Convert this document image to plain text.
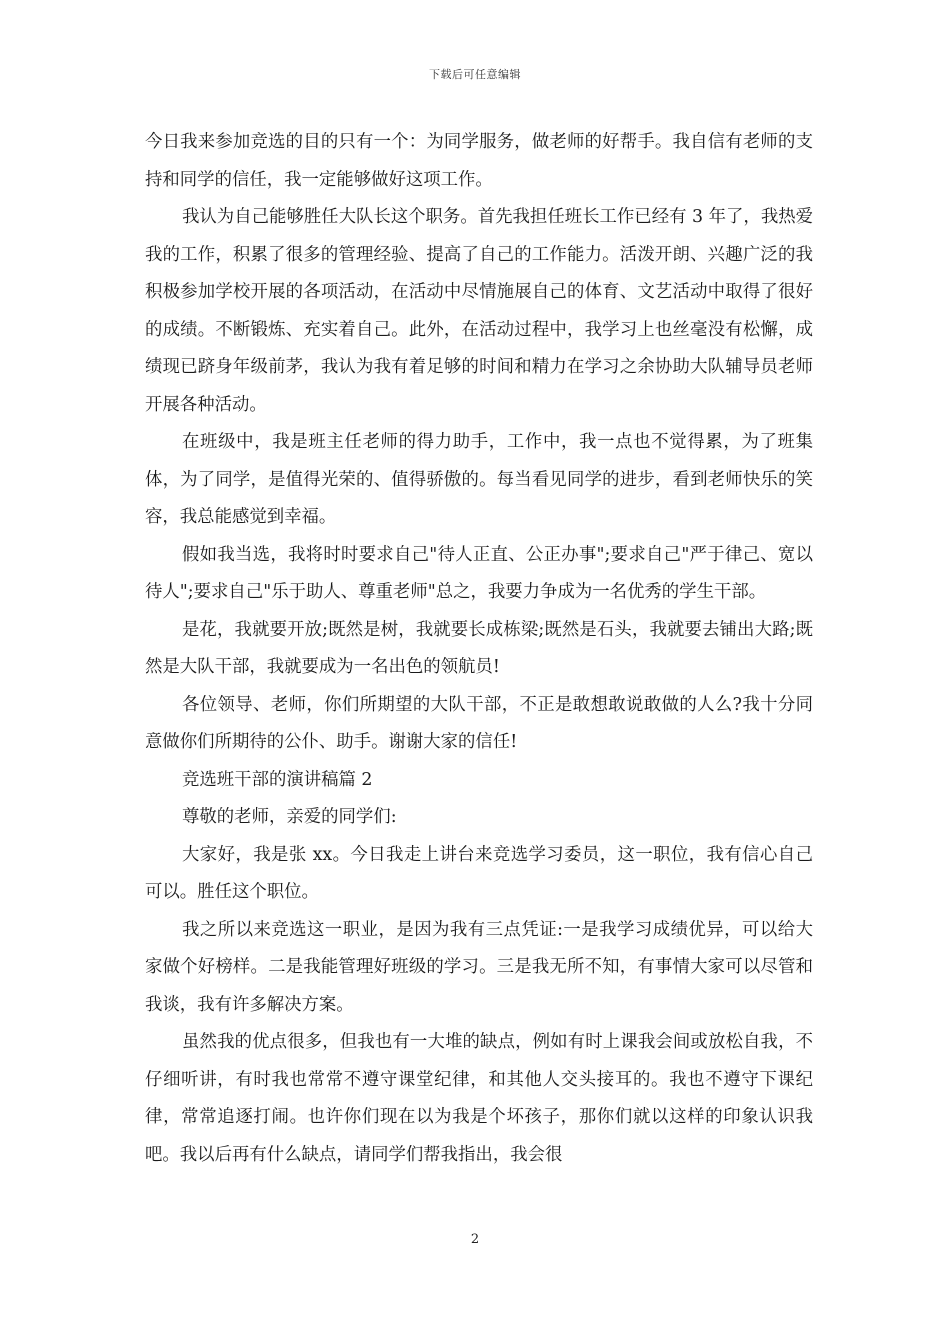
下载后可任意编辑

今日我来参加竞选的目的只有一个：为同学服务，做老师的好帮手。我自信有老师的支持和同学的信任，我一定能够做好这项工作。

我认为自己能够胜任大队长这个职务。首先我担任班长工作已经有 3 年了，我热爱我的工作，积累了很多的管理经验、提高了自己的工作能力。活泼开朗、兴趣广泛的我积极参加学校开展的各项活动，在活动中尽情施展自己的体育、文艺活动中取得了很好的成绩。不断锻炼、充实着自己。此外，在活动过程中，我学习上也丝毫没有松懈，成绩现已跻身年级前茅，我认为我有着足够的时间和精力在学习之余协助大队辅导员老师开展各种活动。

在班级中，我是班主任老师的得力助手，工作中，我一点也不觉得累，为了班集体，为了同学，是值得光荣的、值得骄傲的。每当看见同学的进步，看到老师快乐的笑容，我总能感觉到幸福。

假如我当选，我将时时要求自己"待人正直、公正办事";要求自己"严于律己、宽以待人";要求自己"乐于助人、尊重老师"总之，我要力争成为一名优秀的学生干部。

是花，我就要开放;既然是树，我就要长成栋梁;既然是石头，我就要去铺出大路;既然是大队干部，我就要成为一名出色的领航员!

各位领导、老师，你们所期望的大队干部，不正是敢想敢说敢做的人么?我十分同意做你们所期待的公仆、助手。谢谢大家的信任!

竞选班干部的演讲稿篇 2

尊敬的老师，亲爱的同学们:

大家好，我是张 xx。今日我走上讲台来竞选学习委员，这一职位，我有信心自己可以。胜任这个职位。

我之所以来竞选这一职业，是因为我有三点凭证:一是我学习成绩优异，可以给大家做个好榜样。二是我能管理好班级的学习。三是我无所不知，有事情大家可以尽管和我谈，我有许多解决方案。

虽然我的优点很多，但我也有一大堆的缺点，例如有时上课我会间或放松自我，不仔细听讲，有时我也常常不遵守课堂纪律，和其他人交头接耳的。我也不遵守下课纪律，常常追逐打闹。也许你们现在以为我是个坏孩子，那你们就以这样的印象认识我吧。我以后再有什么缺点，请同学们帮我指出，我会很

2
